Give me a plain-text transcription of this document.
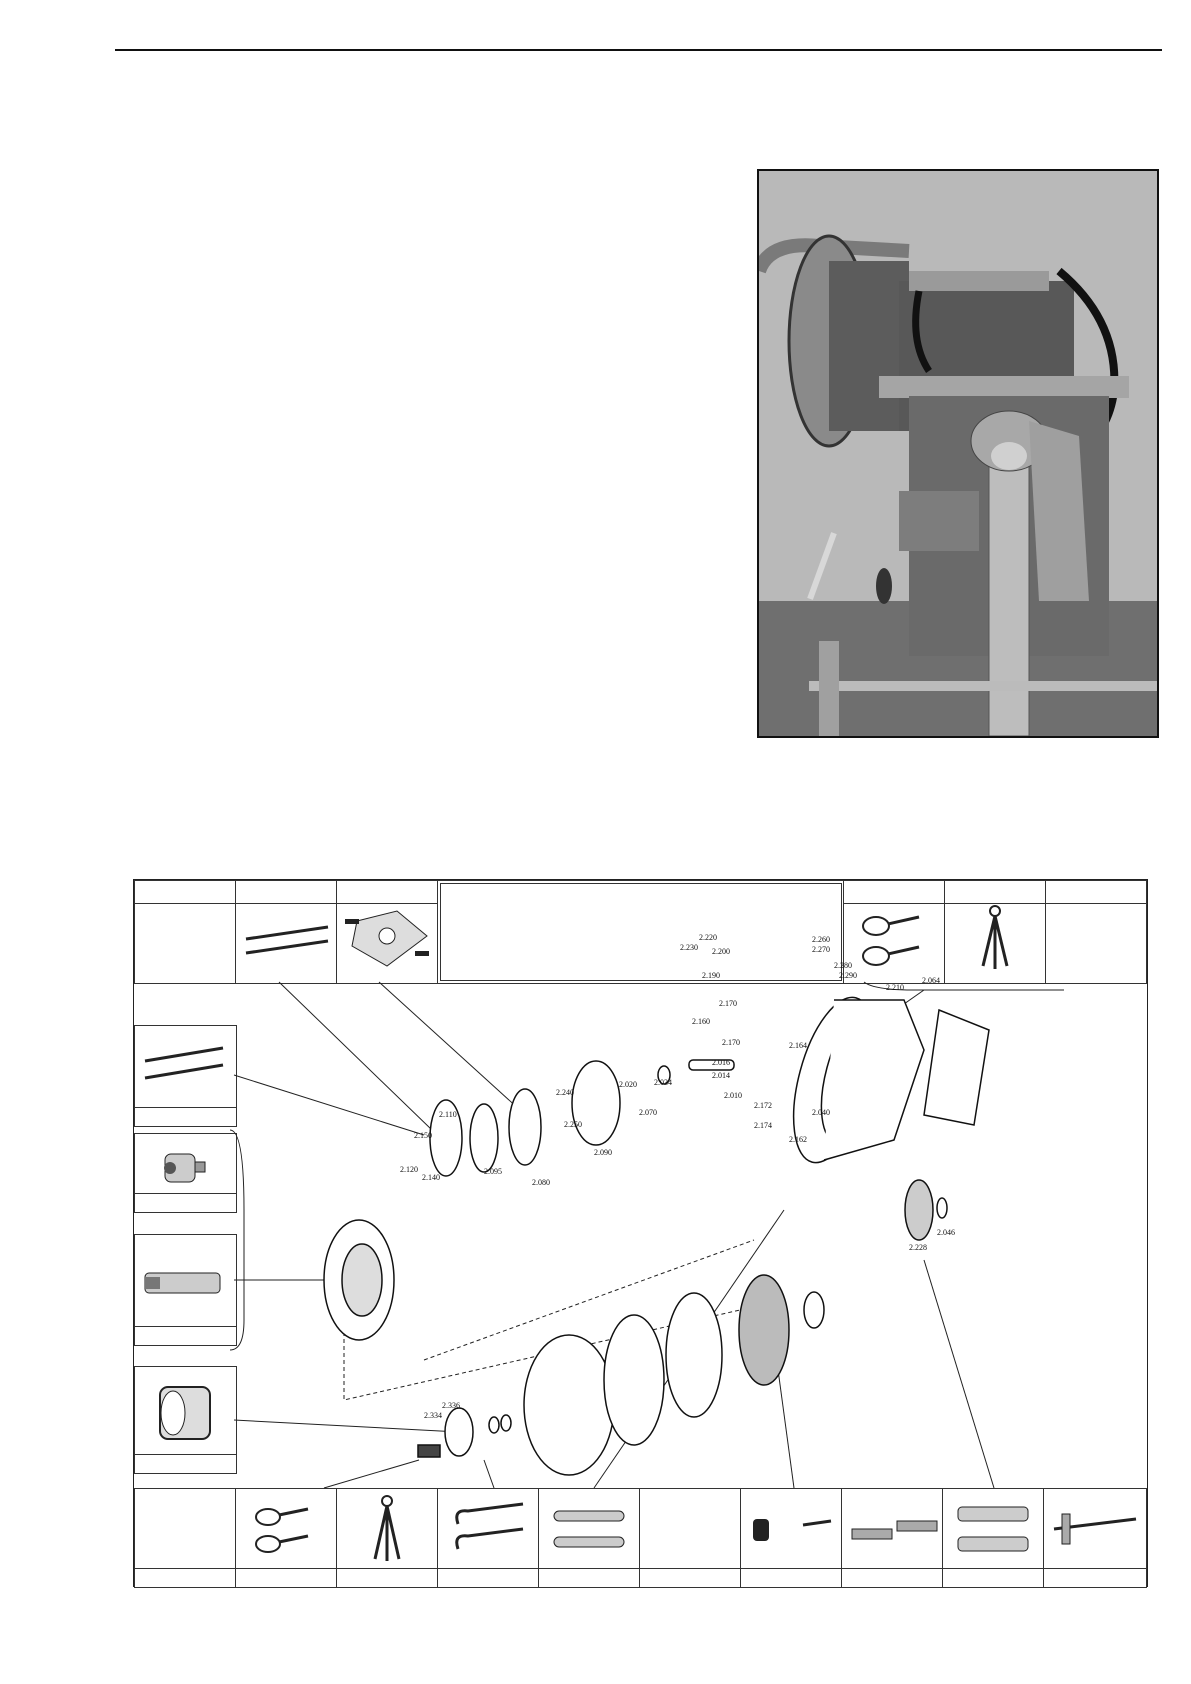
2.230
2.220
2.200
2.190
2.260
2.270
2.280
2.290
2.210
2.064
2.170
2.160
2.170	2.164
2.016
2.014
2.010
2.020 2.034
2.070
2.240
2.250
2.090
2.110
2.150
2.120
2.140
2.095
2.080
2.040
2.172
2.174
2.162
2.228
2.046
2.336
2.334
